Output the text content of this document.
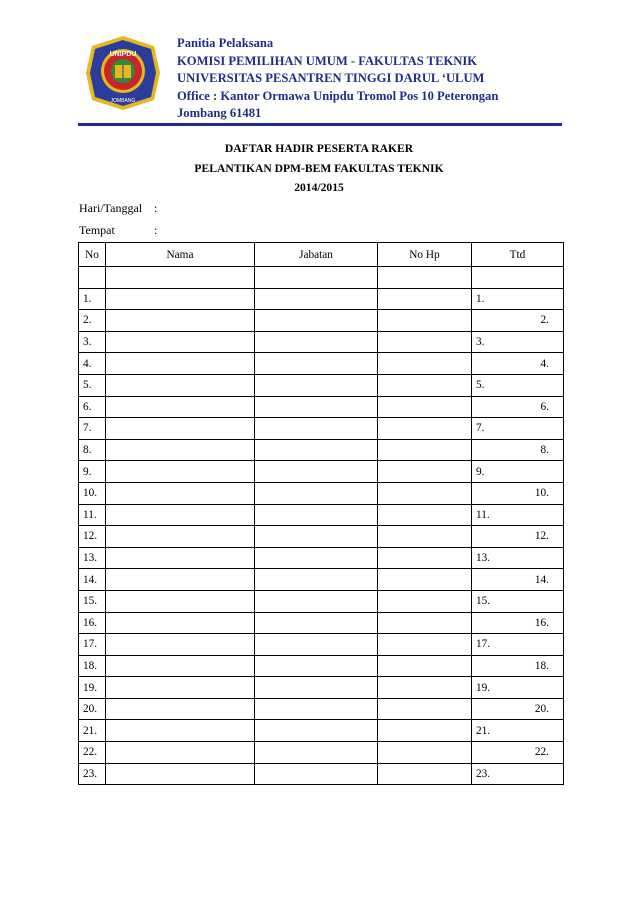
UNIPDU
JOMBANG
Panitia Pelaksana
KOMISI PEMILIHAN UMUM - FAKULTAS TEKNIK
UNIVERSITAS PESANTREN TINGGI DARUL ‘ULUM
Office : Kantor Ormawa Unipdu Tromol Pos 10 Peterongan
Jombang 61481
DAFTAR HADIR PESERTA RAKER
PELANTIKAN DPM-BEM FAKULTAS TEKNIK
2014/2015
Hari/Tanggal :
Tempat	:
No	Nama	Jabatan	No Hp	Ttd

1.				1.
2.				2.
3.				3.
4.				4.
5.				5.
6.				6.
7.				7.
8.				8.
9.				9.
10.				10.
11.				11.
12.				12.
13.				13.
14.				14.
15.				15.
16.				16.
17.				17.
18.				18.
19.				19.
20.				20.
21.				21.
22.				22.
23.				23.
